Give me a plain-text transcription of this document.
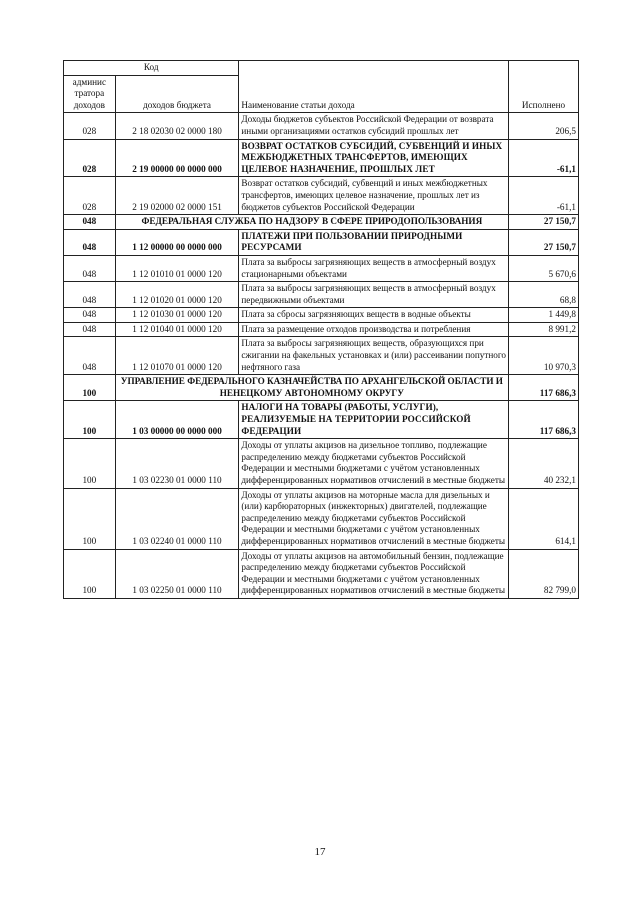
Код		Наименование статьи дохода	Исполнено
админис тратора доходов	доходов бюджета		
028	2 18 02030 02 0000 180	Доходы бюджетов субъектов Российской Федерации от возврата иными организациями остатков субсидий прошлых лет	206,5
028	2 19 00000 00 0000 000	ВОЗВРАТ ОСТАТКОВ СУБСИДИЙ, СУБВЕНЦИЙ И ИНЫХ МЕЖБЮДЖЕТНЫХ ТРАНСФЕРТОВ, ИМЕЮЩИХ ЦЕЛЕВОЕ НАЗНАЧЕНИЕ, ПРОШЛЫХ ЛЕТ	-61,1
028	2 19 02000 02 0000 151	Возврат остатков субсидий, субвенций и иных межбюджетных трансфертов, имеющих целевое назначение, прошлых лет из бюджетов субъектов Российской Федерации	-61,1
048	ФЕДЕРАЛЬНАЯ СЛУЖБА ПО НАДЗОРУ В СФЕРЕ ПРИРОДОПОЛЬЗОВАНИЯ		27 150,7
048	1 12 00000 00 0000 000	ПЛАТЕЖИ ПРИ ПОЛЬЗОВАНИИ ПРИРОДНЫМИ РЕСУРСАМИ	27 150,7
048	1 12 01010 01 0000 120	Плата за выбросы загрязняющих веществ в атмосферный воздух стационарными объектами	5 670,6
048	1 12 01020 01 0000 120	Плата за выбросы загрязняющих веществ в атмосферный воздух передвижными объектами	68,8
048	1 12 01030 01 0000 120	Плата за сбросы загрязняющих веществ в водные объекты	1 449,8
048	1 12 01040 01 0000 120	Плата за размещение отходов производства и потребления	8 991,2
048	1 12 01070 01 0000 120	Плата за выбросы загрязняющих веществ, образующихся при сжигании на факельных установках и (или) рассеивании попутного нефтяного газа	10 970,3
100	УПРАВЛЕНИЕ ФЕДЕРАЛЬНОГО КАЗНАЧЕЙСТВА ПО АРХАНГЕЛЬСКОЙ ОБЛАСТИ И НЕНЕЦКОМУ АВТОНОМНОМУ ОКРУГУ		117 686,3
100	1 03 00000 00 0000 000	НАЛОГИ НА ТОВАРЫ (РАБОТЫ, УСЛУГИ), РЕАЛИЗУЕМЫЕ НА ТЕРРИТОРИИ РОССИЙСКОЙ ФЕДЕРАЦИИ	117 686,3
100	1 03 02230 01 0000 110	Доходы от уплаты акцизов на дизельное топливо, подлежащие распределению между бюджетами субъектов Российской Федерации и местными бюджетами с учётом установленных дифференцированных нормативов отчислений в местные бюджеты	40 232,1
100	1 03 02240 01 0000 110	Доходы от уплаты акцизов на моторные масла для дизельных и (или) карбюраторных (инжекторных) двигателей, подлежащие распределению между бюджетами субъектов Российской Федерации и местными бюджетами с учётом установленных дифференцированных нормативов отчислений в местные бюджеты	614,1
100	1 03 02250 01 0000 110	Доходы от уплаты акцизов на автомобильный бензин, подлежащие распределению между бюджетами субъектов Российской Федерации и местными бюджетами с учётом установленных дифференцированных нормативов отчислений в местные бюджеты	82 799,0
17
